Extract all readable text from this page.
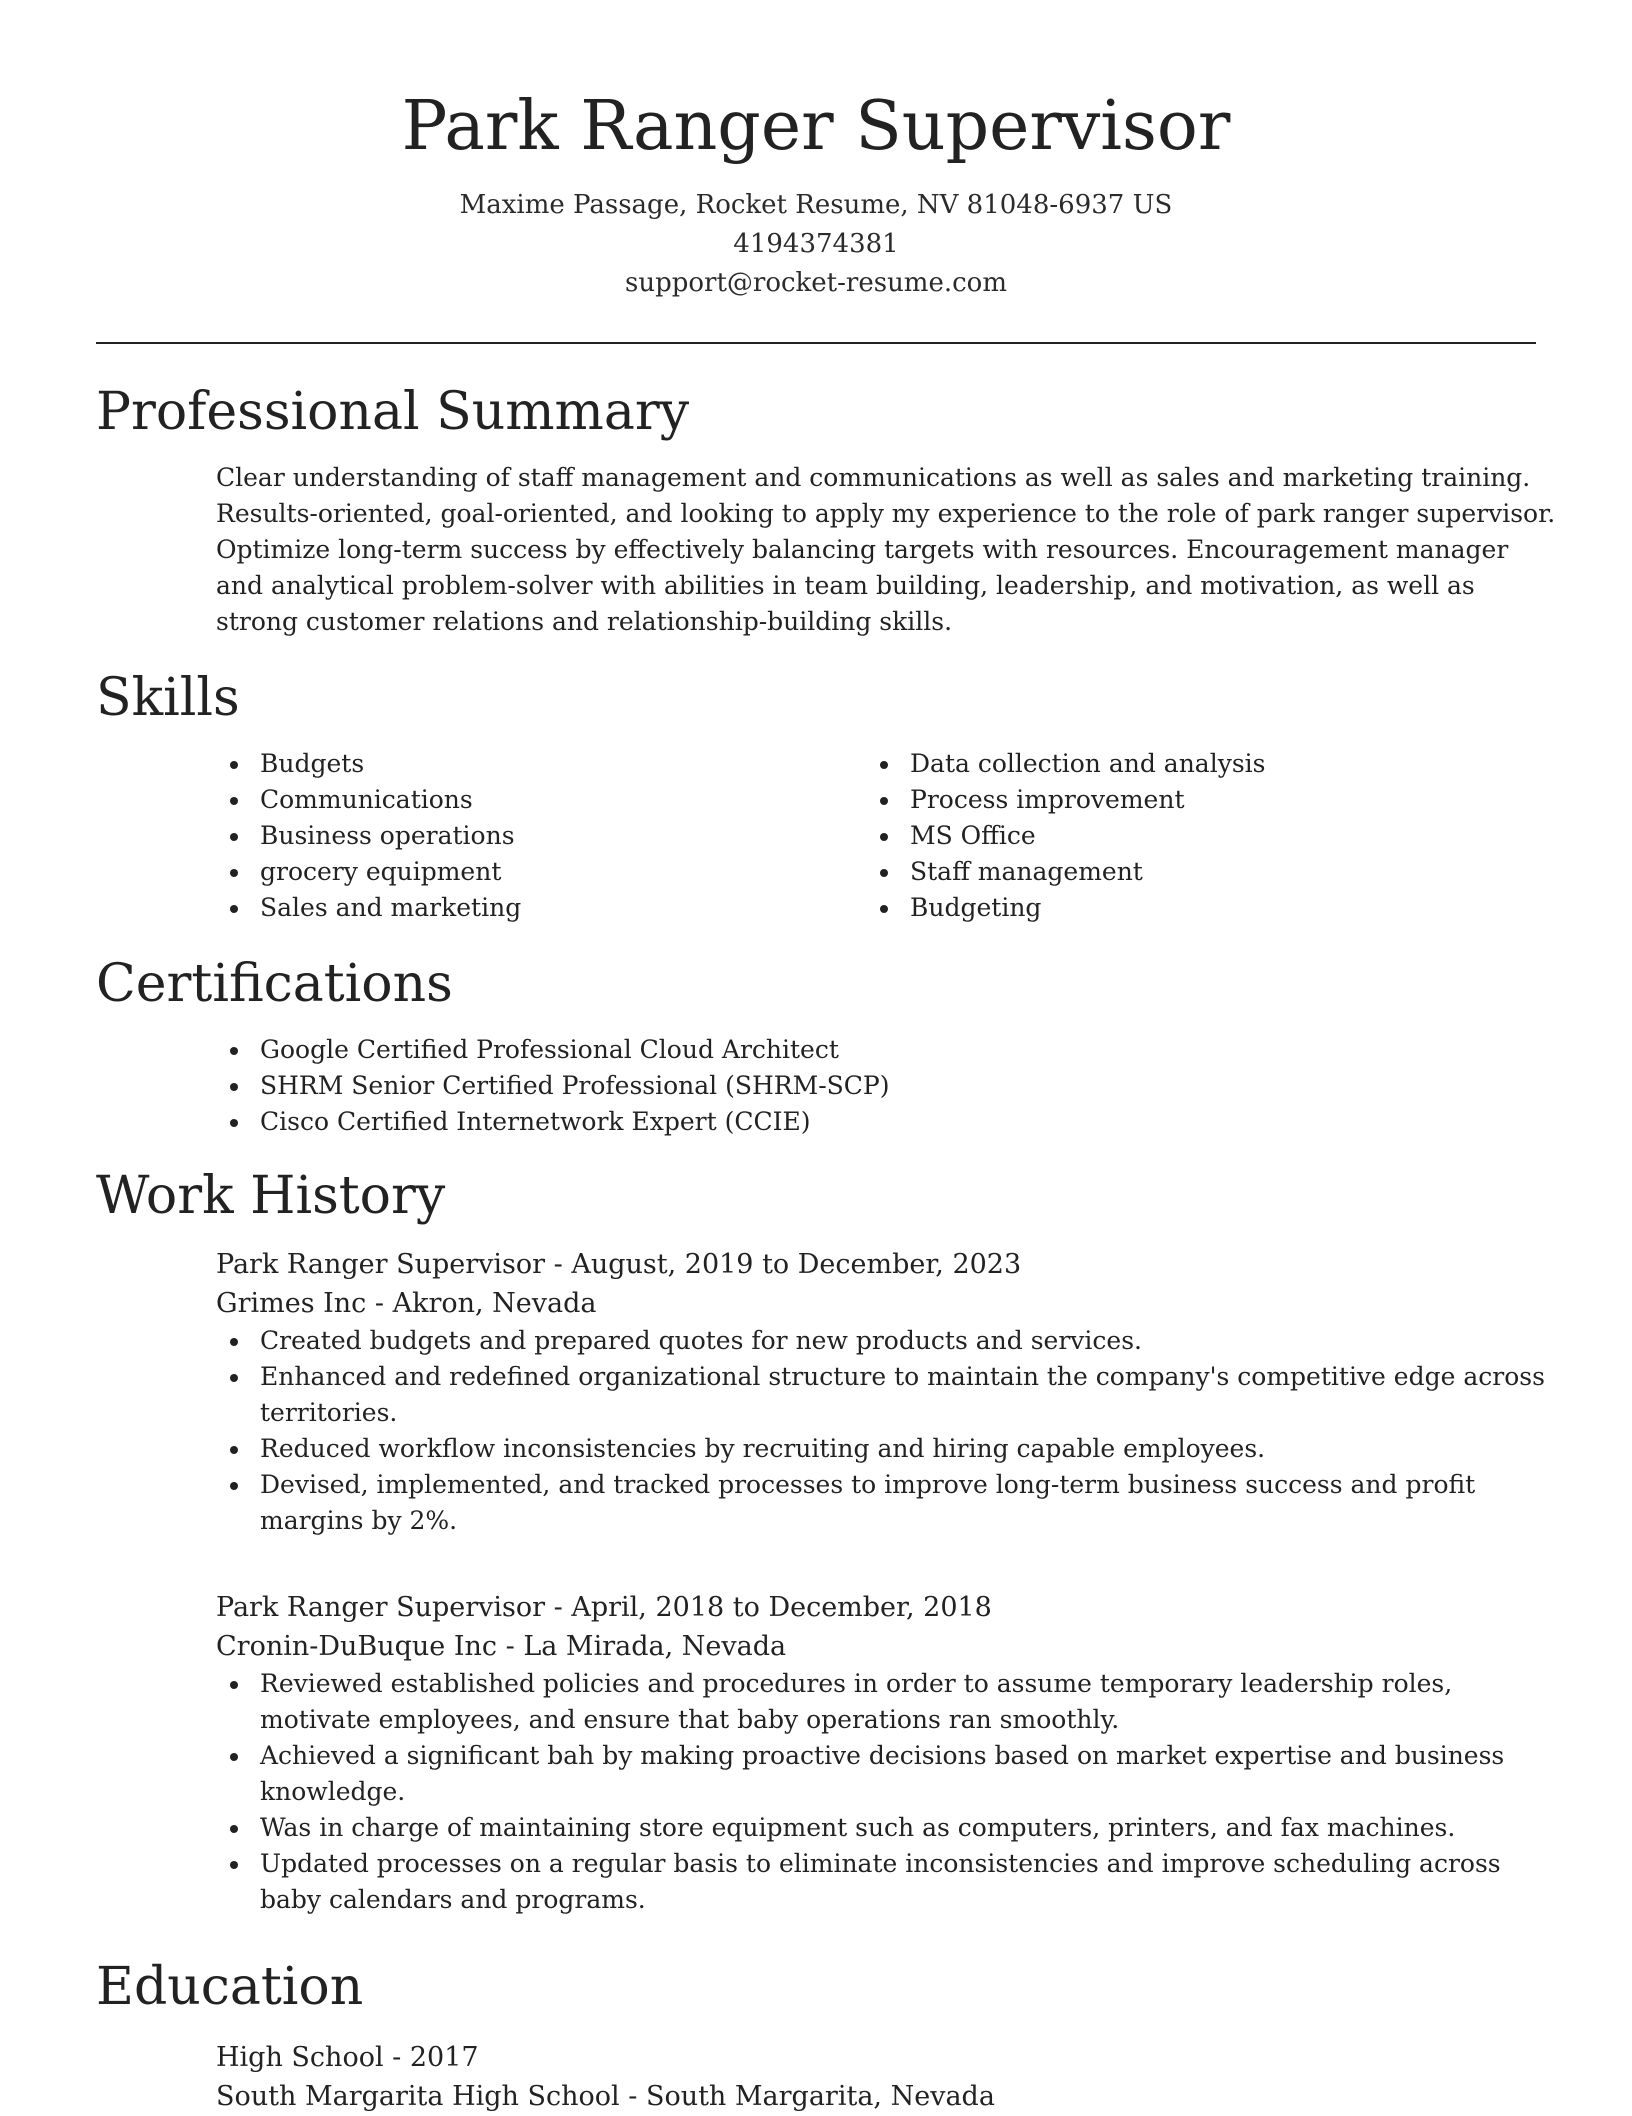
Park Ranger Supervisor
Maxime Passage, Rocket Resume, NV 81048-6937 US
4194374381
support@rocket-resume.com
Professional Summary
Clear understanding of staff management and communications as well as sales and marketing training. Results-oriented, goal-oriented, and looking to apply my experience to the role of park ranger supervisor. Optimize long-term success by effectively balancing targets with resources. Encouragement manager and analytical problem-solver with abilities in team building, leadership, and motivation, as well as strong customer relations and relationship-building skills.
Skills
Budgets
Communications
Business operations
grocery equipment
Sales and marketing
Data collection and analysis
Process improvement
MS Office
Staff management
Budgeting
Certifications
Google Certified Professional Cloud Architect
SHRM Senior Certified Professional (SHRM-SCP)
Cisco Certified Internetwork Expert (CCIE)
Work History
Park Ranger Supervisor - August, 2019 to December, 2023
Grimes Inc - Akron, Nevada
Created budgets and prepared quotes for new products and services.
Enhanced and redefined organizational structure to maintain the company's competitive edge across territories.
Reduced workflow inconsistencies by recruiting and hiring capable employees.
Devised, implemented, and tracked processes to improve long-term business success and profit margins by 2%.
Park Ranger Supervisor - April, 2018 to December, 2018
Cronin-DuBuque Inc - La Mirada, Nevada
Reviewed established policies and procedures in order to assume temporary leadership roles, motivate employees, and ensure that baby operations ran smoothly.
Achieved a significant bah by making proactive decisions based on market expertise and business knowledge.
Was in charge of maintaining store equipment such as computers, printers, and fax machines.
Updated processes on a regular basis to eliminate inconsistencies and improve scheduling across baby calendars and programs.
Education
High School - 2017
South Margarita High School - South Margarita, Nevada
